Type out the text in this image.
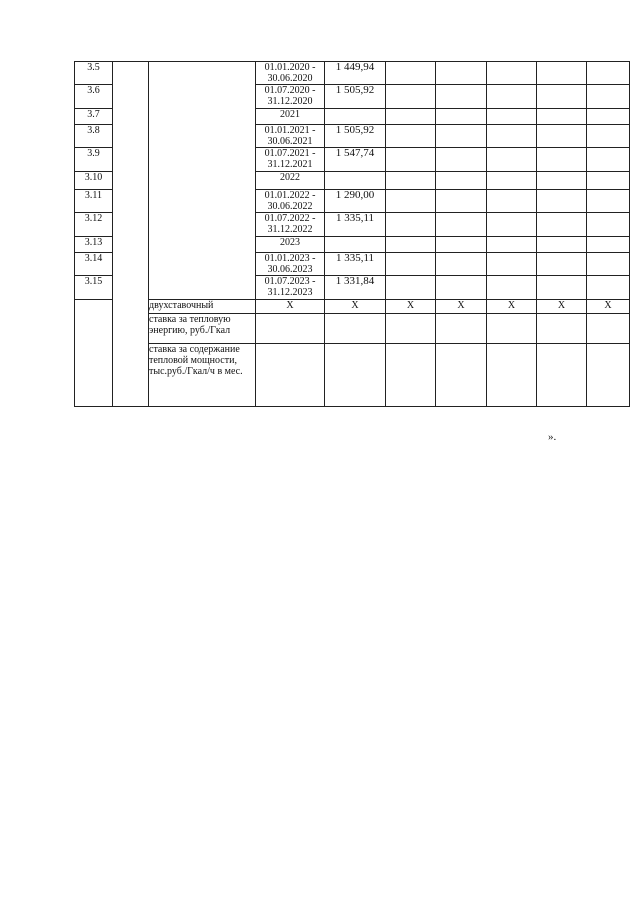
3.5			01.01.2020 - 30.06.2020	1 449,94					
3.6			01.07.2020 - 31.12.2020	1 505,92					
3.7			2021						
3.8			01.01.2021 - 30.06.2021	1 505,92					
3.9			01.07.2021 - 31.12.2021	1 547,74					
3.10			2022						
3.11			01.01.2022 - 30.06.2022	1 290,00					
3.12			01.07.2022 - 31.12.2022	1 335,11					
3.13			2023						
3.14			01.01.2023 - 30.06.2023	1 335,11					
3.15			01.07.2023 - 31.12.2023	1 331,84					
		двухставочный	X	X	X	X	X	X	X
		ставка за тепловую энергию, руб./Гкал							
		ставка за содержание тепловой мощности, тыс.руб./Гкал/ч в мес.							
».
